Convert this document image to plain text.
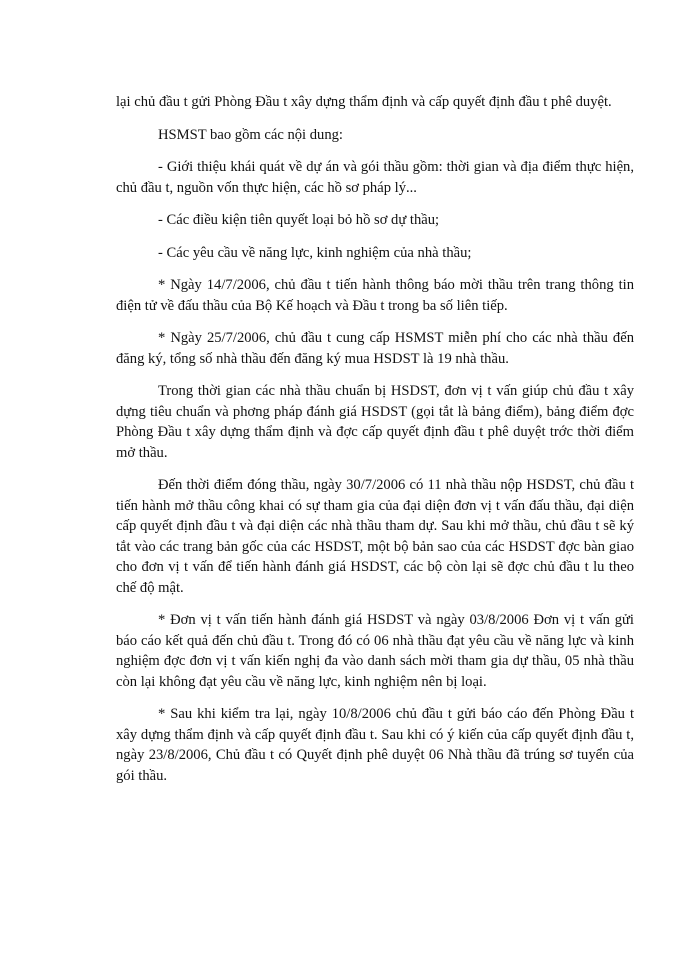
lại chủ đầu t gửi Phòng Đầu t xây dựng thẩm định và cấp quyết định đầu t phê duyệt.

HSMST bao gồm các nội dung:

- Giới thiệu khái quát về dự án và gói thầu gồm: thời gian và địa điểm thực hiện, chủ đầu t, nguồn vốn thực hiện, các hồ sơ pháp lý...

- Các điều kiện tiên quyết loại bỏ hồ sơ dự thầu;

- Các yêu cầu về năng lực, kinh nghiệm của nhà thầu;

* Ngày 14/7/2006, chủ đầu t tiến hành thông báo mời thầu trên trang thông tin điện tử về đấu thầu của Bộ Kế hoạch và Đầu t trong ba số liên tiếp.

* Ngày 25/7/2006, chủ đầu t cung cấp HSMST miễn phí cho các nhà thầu đến đăng ký, tổng số nhà thầu đến đăng ký mua HSDST là 19 nhà thầu.

Trong thời gian các nhà thầu chuẩn bị HSDST, đơn vị t vấn giúp chủ đầu t xây dựng tiêu chuẩn và phơng pháp đánh giá HSDST (gọi tắt là bảng điểm), bảng điểm đợc Phòng Đầu t xây dựng thẩm định và đợc cấp quyết định đầu t phê duyệt trớc thời điểm mở thầu.

Đến thời điểm đóng thầu, ngày 30/7/2006 có 11 nhà thầu nộp HSDST, chủ đầu t tiến hành mở thầu công khai có sự tham gia của đại diện đơn vị t vấn đấu thầu, đại diện cấp quyết định đầu t và đại diện các nhà thầu tham dự. Sau khi mở thầu, chủ đầu t sẽ ký tắt vào các trang bản gốc của các HSDST, một bộ bản sao của các HSDST đợc bàn giao cho đơn vị t vấn để tiến hành đánh giá HSDST, các bộ còn lại sẽ đợc chủ đầu t lu theo chế độ mật.

* Đơn vị t vấn tiến hành đánh giá HSDST và ngày 03/8/2006 Đơn vị t vấn gửi báo cáo kết quả đến chủ đầu t. Trong đó có 06 nhà thầu đạt yêu cầu về năng lực và kinh nghiệm đợc đơn vị t vấn kiến nghị đa vào danh sách mời tham gia dự thầu, 05 nhà thầu còn lại không đạt yêu cầu về năng lực, kinh nghiệm nên bị loại.

* Sau khi kiểm tra lại, ngày 10/8/2006 chủ đầu t gửi báo cáo đến Phòng Đầu t xây dựng thẩm định và cấp quyết định đầu t. Sau khi có ý kiến của cấp quyết định đầu t, ngày 23/8/2006, Chủ đầu t có Quyết định phê duyệt 06 Nhà thầu đã trúng sơ tuyển của gói thầu.
